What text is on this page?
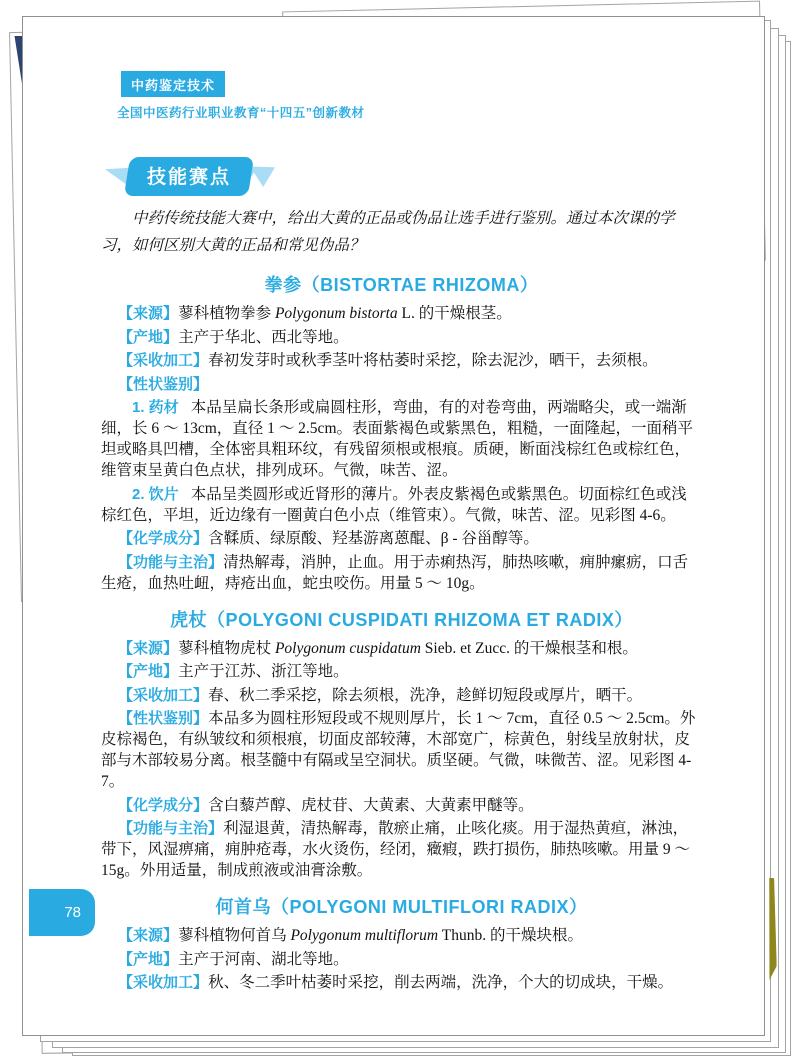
中药鉴定技术
全国中医药行业职业教育“十四五”创新教材
技能赛点

中药传统技能大赛中，给出大黄的正品或伪品让选手进行鉴别。通过本次课的学习，如何区别大黄的正品和常见伪品？

拳参（BISTORTAE RHIZOMA）

【来源】蓼科植物拳参 Polygonum bistorta L. 的干燥根茎。

【产地】主产于华北、西北等地。

【采收加工】春初发芽时或秋季茎叶将枯萎时采挖，除去泥沙，晒干，去须根。

【性状鉴别】

1. 药材 本品呈扁长条形或扁圆柱形，弯曲，有的对卷弯曲，两端略尖，或一端渐细，长 6 ～ 13cm，直径 1 ～ 2.5cm。表面紫褐色或紫黑色，粗糙，一面隆起，一面稍平坦或略具凹槽，全体密具粗环纹，有残留须根或根痕。质硬，断面浅棕红色或棕红色，维管束呈黄白色点状，排列成环。气微，味苦、涩。

2. 饮片 本品呈类圆形或近肾形的薄片。外表皮紫褐色或紫黑色。切面棕红色或浅棕红色，平坦，近边缘有一圈黄白色小点（维管束）。气微，味苦、涩。见彩图 4-6。

【化学成分】含鞣质、绿原酸、羟基游离蒽醌、β - 谷甾醇等。

【功能与主治】清热解毒，消肿，止血。用于赤痢热泻，肺热咳嗽，痈肿瘰疬，口舌生疮，血热吐衄，痔疮出血，蛇虫咬伤。用量 5 ～ 10g。

虎杖（POLYGONI CUSPIDATI RHIZOMA ET RADIX）

【来源】蓼科植物虎杖 Polygonum cuspidatum Sieb. et Zucc. 的干燥根茎和根。

【产地】主产于江苏、浙江等地。

【采收加工】春、秋二季采挖，除去须根，洗净，趁鲜切短段或厚片，晒干。

【性状鉴别】本品多为圆柱形短段或不规则厚片，长 1 ～ 7cm，直径 0.5 ～ 2.5cm。外皮棕褐色，有纵皱纹和须根痕，切面皮部较薄，木部宽广，棕黄色，射线呈放射状，皮部与木部较易分离。根茎髓中有隔或呈空洞状。质坚硬。气微，味微苦、涩。见彩图 4-7。

【化学成分】含白藜芦醇、虎杖苷、大黄素、大黄素甲醚等。

【功能与主治】利湿退黄，清热解毒，散瘀止痛，止咳化痰。用于湿热黄疸，淋浊，带下，风湿痹痛，痈肿疮毒，水火烫伤，经闭，癥瘕，跌打损伤，肺热咳嗽。用量 9 ～ 15g。外用适量，制成煎液或油膏涂敷。

何首乌（POLYGONI MULTIFLORI RADIX）

【来源】蓼科植物何首乌 Polygonum multiflorum Thunb. 的干燥块根。

【产地】主产于河南、湖北等地。

【采收加工】秋、冬二季叶枯萎时采挖，削去两端，洗净，个大的切成块，干燥。

78
